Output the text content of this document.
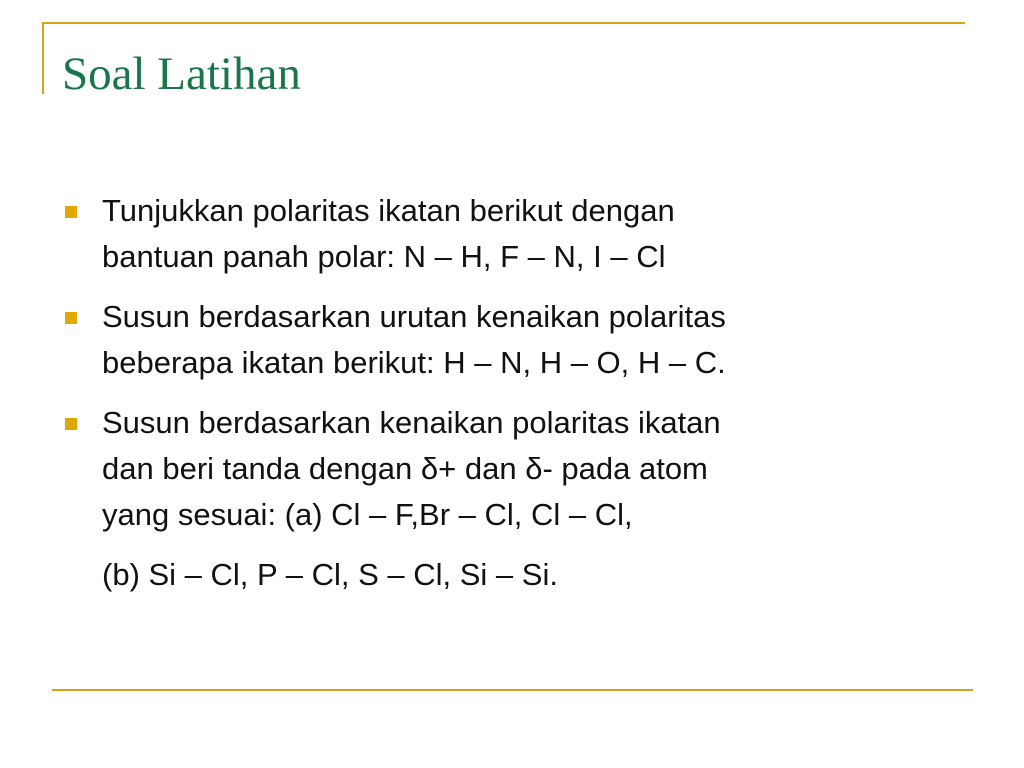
Soal Latihan
Tunjukkan polaritas ikatan berikut dengan
bantuan panah polar: N – H, F – N, I – Cl
Susun berdasarkan urutan kenaikan polaritas
beberapa ikatan berikut: H – N, H – O, H – C.
Susun berdasarkan kenaikan polaritas ikatan
dan beri tanda dengan δ+ dan δ- pada atom
yang sesuai: (a) Cl – F,Br – Cl, Cl – Cl,
(b) Si – Cl, P – Cl, S – Cl, Si – Si.
